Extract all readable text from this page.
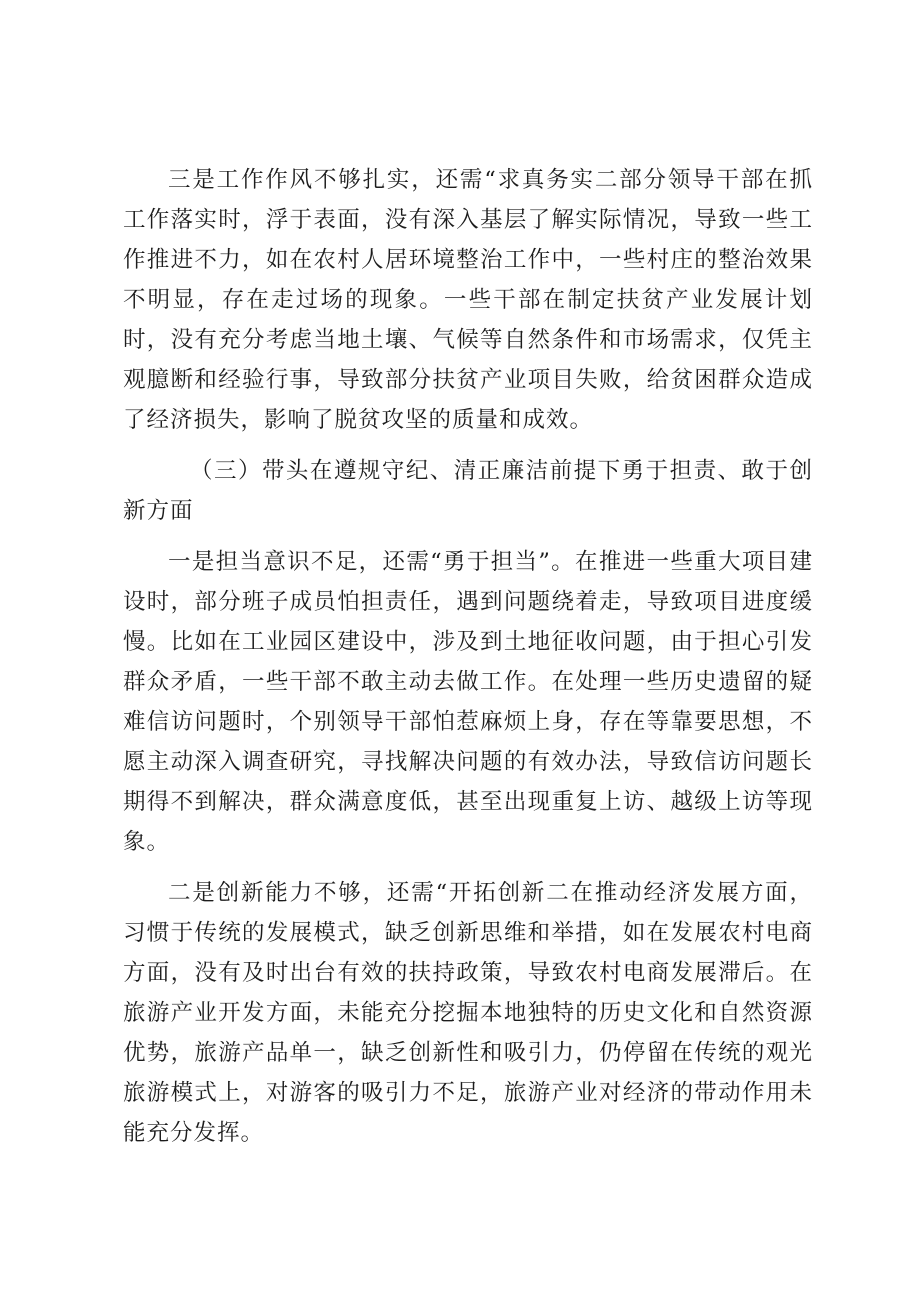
三是工作作风不够扎实，还需“求真务实二部分领导干部在抓工作落实时，浮于表面，没有深入基层了解实际情况，导致一些工作推进不力，如在农村人居环境整治工作中，一些村庄的整治效果不明显，存在走过场的现象。一些干部在制定扶贫产业发展计划时，没有充分考虑当地土壤、气候等自然条件和市场需求，仅凭主观臆断和经验行事，导致部分扶贫产业项目失败，给贫困群众造成了经济损失，影响了脱贫攻坚的质量和成效。

（三）带头在遵规守纪、清正廉洁前提下勇于担责、敢于创新方面

一是担当意识不足，还需“勇于担当”。在推进一些重大项目建设时，部分班子成员怕担责任，遇到问题绕着走，导致项目进度缓慢。比如在工业园区建设中，涉及到土地征收问题，由于担心引发群众矛盾，一些干部不敢主动去做工作。在处理一些历史遗留的疑难信访问题时，个别领导干部怕惹麻烦上身，存在等靠要思想，不愿主动深入调查研究，寻找解决问题的有效办法，导致信访问题长期得不到解决，群众满意度低，甚至出现重复上访、越级上访等现象。

二是创新能力不够，还需“开拓创新二在推动经济发展方面，习惯于传统的发展模式，缺乏创新思维和举措，如在发展农村电商方面，没有及时出台有效的扶持政策，导致农村电商发展滞后。在旅游产业开发方面，未能充分挖掘本地独特的历史文化和自然资源优势，旅游产品单一，缺乏创新性和吸引力，仍停留在传统的观光旅游模式上，对游客的吸引力不足，旅游产业对经济的带动作用未能充分发挥。
